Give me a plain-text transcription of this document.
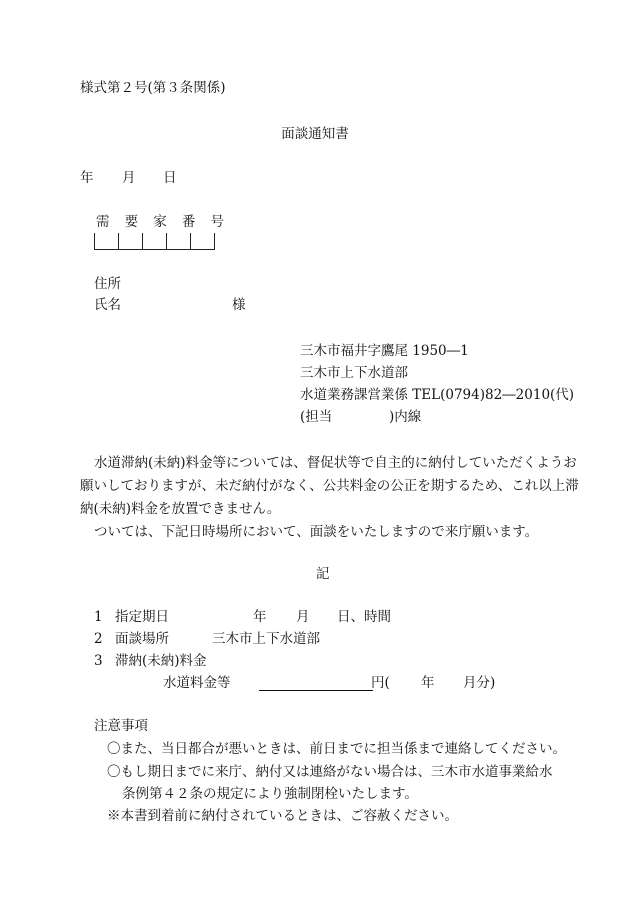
様式第２号(第３条関係)
面談通知書
年 月 日
需 要 家 番 号
住所
氏名	様
三木市福井字鷹尾 1950―1
三木市上下水道部
水道業務課営業係 TEL(0794)82―2010(代)
(担当	)内線
水道滞納(未納)料金等については、督促状等で自主的に納付していただくようお願いしておりますが、未だ納付がなく、公共料金の公正を期するため、これ以上滞納(未納)料金を放置できません。
ついては、下記日時場所において、面談をいたしますので来庁願います。
記
1 指定期日	年 月 日、時間
2 面談場所	三木市上下水道部
3 滞納(未納)料金
水道料金等	円( 年 月分)
注意事項
〇また、当日都合が悪いときは、前日までに担当係まで連絡してください。
〇もし期日までに来庁、納付又は連絡がない場合は、三木市水道事業給水
条例第４２条の規定により強制閉栓いたします。
※本書到着前に納付されているときは、ご容赦ください。
